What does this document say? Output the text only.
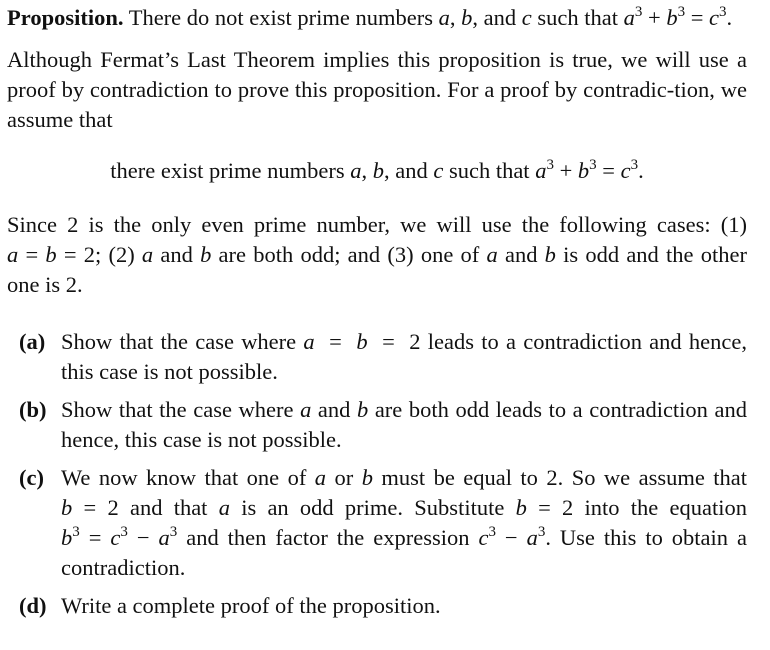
Proposition. There do not exist prime numbers a, b, and c such that $a^3 + b^3 = c^3$.

Although Fermat’s Last Theorem implies this proposition is true, we will use a proof by contradiction to prove this proposition. For a proof by contradic-tion, we assume that

there exist prime numbers a, b, and c such that $a^3 + b^3 = c^3$.

Since 2 is the only even prime number, we will use the following cases: (1) a = b = 2; (2) a and b are both odd; and (3) one of a and b is odd and the other one is 2.

(a) Show that the case where a  =  b  =  2 leads to a contradiction and hence, this case is not possible.
(b) Show that the case where a and b are both odd leads to a contradiction and hence, this case is not possible.
(c) We now know that one of a or b must be equal to 2. So we assume that b = 2 and that a is an odd prime. Substitute b = 2 into the equation $b^3 = c^3 - a^3$ and then factor the expression $c^3 - a^3$. Use this to obtain a contradiction.
(d) Write a complete proof of the proposition.
